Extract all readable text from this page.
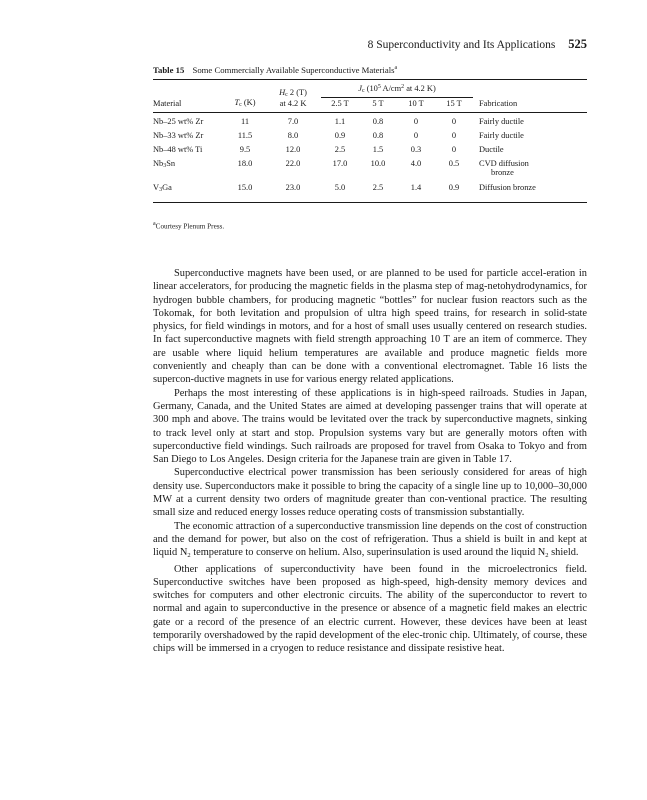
8 Superconductivity and Its Applications 525
Table 15 Some Commercially Available Superconductive Materials$^a$
		Hc 2 (T)	Jc ($10^5$ $A/cm^2$ at 4.2 K)				

Material	Tc (K)	at 4.2 K	2.5 T	5 T	10 T	15 T	Fabrication
Nb–25 wt% Zr	11	7.0	1.1	0.8	0	0	Fairly ductile
Nb–33 wt% Zr	11.5	8.0	0.9	0.8	0	0	Fairly ductile
Nb–48 wt% Ti	9.5	12.0	2.5	1.5	0.3	0	Ductile
Nb3Sn	18.0	22.0	17.0	10.0	4.0	0.5	CVD diffusion
bronze
V3Ga	15.0	23.0	5.0	2.5	1.4	0.9	Diffusion bronze
$^a$Courtesy Plenum Press.

Superconductive magnets have been used, or are planned to be used for particle accel-eration in linear accelerators, for producing the magnetic fields in the plasma step of mag-netohydrodynamics, for hydrogen bubble chambers, for producing magnetic “bottles” for nuclear fusion reactors such as the Tokomak, for both levitation and propulsion of ultra high speed trains, for research in solid-state physics, for field windings in motors, and for a host of small uses usually centered on research studies. In fact superconductive magnets with field strength approaching 10 T are an item of commerce. They are usable where liquid helium temperatures are available and produce magnetic fields more conveniently and cheaply than can be done with a conventional electromagnet. Table 16 lists the supercon-ductive magnets in use for various energy related applications.

Perhaps the most interesting of these applications is in high-speed railroads. Studies in Japan, Germany, Canada, and the United States are aimed at developing passenger trains that will operate at 300 mph and above. The trains would be levitated over the track by superconductive magnets, sinking to track level only at start and stop. Propulsion systems vary but are generally motors often with superconductive field windings. Such railroads are proposed for travel from Osaka to Tokyo and from San Diego to Los Angeles. Design criteria for the Japanese train are given in Table 17.

Superconductive electrical power transmission has been seriously considered for areas of high density use. Superconductors make it possible to bring the capacity of a single line up to 10,000–30,000 MW at a current density two orders of magnitude greater than con-ventional practice. The resulting small size and reduced energy losses reduce operating costs of transmission substantially.

The economic attraction of a superconductive transmission line depends on the cost of construction and the demand for power, but also on the cost of refrigeration. Thus a shield is built in and kept at liquid $N_2$ temperature to conserve on helium. Also, superinsulation is used around the liquid $N_2$ shield.

Other applications of superconductivity have been found in the microelectronics field. Superconductive switches have been proposed as high-speed, high-density memory devices and switches for computers and other electronic circuits. The ability of the superconductor to revert to normal and again to superconductive in the presence or absence of a magnetic field makes an electric gate or a record of the presence of an electric current. However, these devices have been at least temporarily overshadowed by the rapid development of the elec-tronic chip. Ultimately, of course, these chips will be immersed in a cryogen to reduce resistance and dissipate resistive heat.
